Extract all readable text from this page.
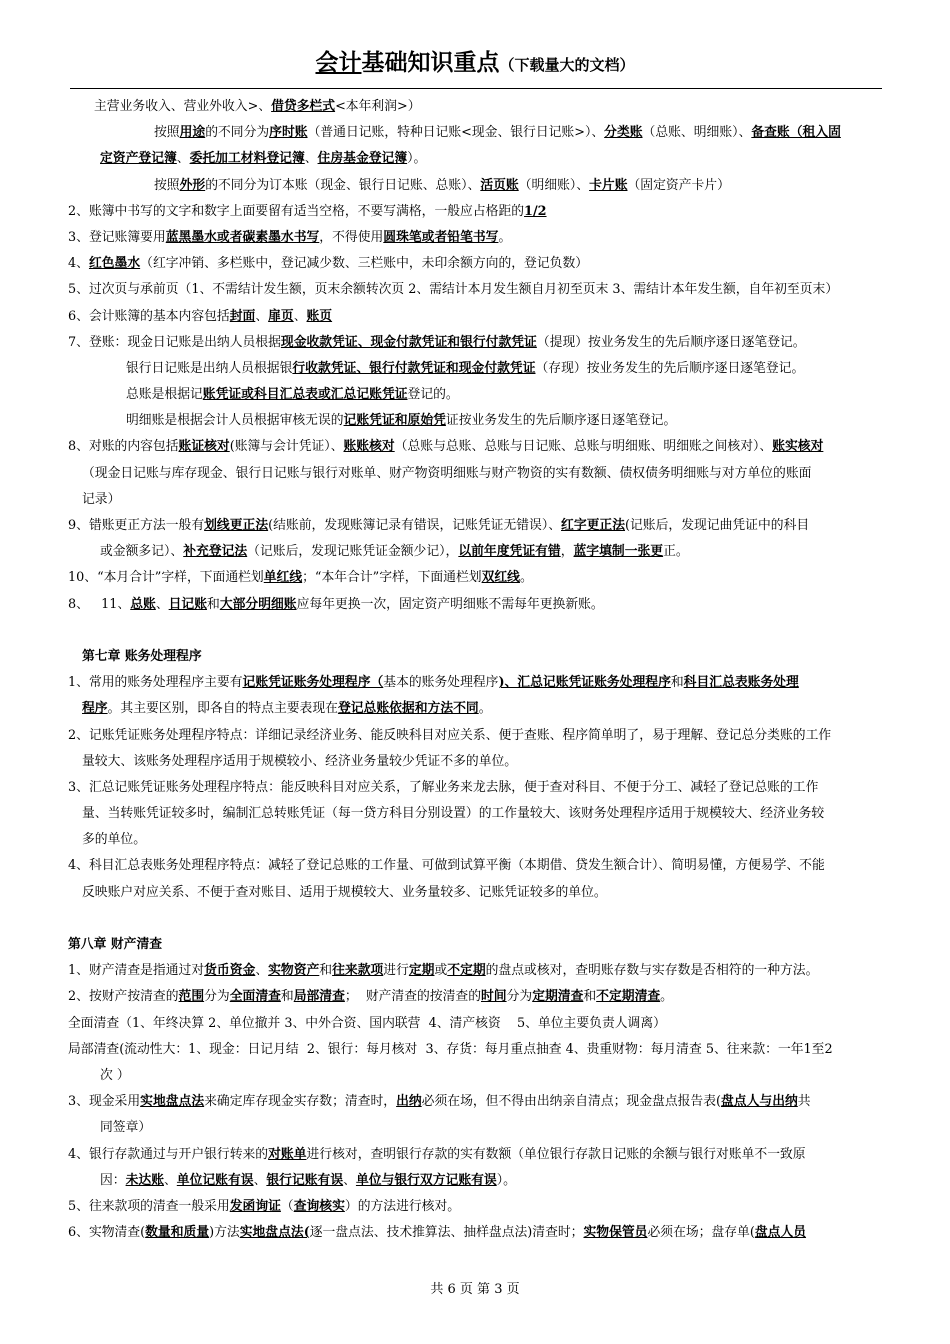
会计基础知识重点（下载量大的文档）
主营业务收入、营业外收入>、借贷多栏式<本年利润>）
按照用途的不同分为序时账（普通日记账，特种日记账<现金、银行日记账>）、分类账（总账、明细账）、备查账（租入固
定资产登记簿、委托加工材料登记簿、住房基金登记簿）。
按照外形的不同分为订本账（现金、银行日记账、总账）、活页账（明细账）、卡片账（固定资产卡片）
2、账簿中书写的文字和数字上面要留有适当空格，不要写满格，一般应占格距的1/2
3、登记账簿要用蓝黑墨水或者碳素墨水书写，不得使用圆珠笔或者铅笔书写。
4、红色墨水（红字冲销、多栏账中，登记减少数、三栏账中，未印余额方向的，登记负数）
5、过次页与承前页（1、不需结计发生额，页末余额转次页 2、需结计本月发生额自月初至页末 3、需结计本年发生额，自年初至页末）
6、会计账簿的基本内容包括封面、扉页、账页
7、登账：现金日记账是出纳人员根据现金收款凭证、现金付款凭证和银行付款凭证（提现）按业务发生的先后顺序逐日逐笔登记。
银行日记账是出纳人员根据银行收款凭证、银行付款凭证和现金付款凭证（存现）按业务发生的先后顺序逐日逐笔登记。
总账是根据记账凭证或科目汇总表或汇总记账凭证登记的。
明细账是根据会计人员根据审核无误的记账凭证和原始凭证按业务发生的先后顺序逐日逐笔登记。
8、对账的内容包括账证核对(账簿与会计凭证）、账账核对（总账与总账、总账与日记账、总账与明细账、明细账之间核对）、账实核对
（现金日记账与库存现金、银行日记账与银行对账单、财产物资明细账与财产物资的实有数额、债权债务明细账与对方单位的账面
记录）
9、错账更正方法一般有划线更正法(结账前，发现账簿记录有错误，记账凭证无错误）、红字更正法(记账后，发现记曲凭证中的科目
或金额多记）、补充登记法（记账后，发现记账凭证金额少记），以前年度凭证有错，蓝字填制一张更正。
10、“本月合计”字样，下面通栏划单红线；“本年合计”字样，下面通栏划双红线。
8、   11、总账、日记账和大部分明细账应每年更换一次，固定资产明细账不需每年更换新账。
第七章 账务处理程序
1、常用的账务处理程序主要有记账凭证账务处理程序（基本的账务处理程序)、汇总记账凭证账务处理程序和科目汇总表账务处理
程序。其主要区别，即各自的特点主要表现在登记总账依据和方法不同。
2、记账凭证账务处理程序特点：详细记录经济业务、能反映科目对应关系、便于查账、程序简单明了，易于理解、登记总分类账的工作
量较大、该账务处理程序适用于规模较小、经济业务量较少凭证不多的单位。
3、汇总记账凭证账务处理程序特点：能反映科目对应关系，了解业务来龙去脉，便于查对科目、不便于分工、减轻了登记总账的工作
量、当转账凭证较多时，编制汇总转账凭证（每一贷方科目分别设置）的工作量较大、该财务处理程序适用于规模较大、经济业务较
多的单位。
4、科目汇总表账务处理程序特点：减轻了登记总账的工作量、可做到试算平衡（本期借、贷发生额合计）、简明易懂，方便易学、不能
反映账户对应关系、不便于查对账目、适用于规模较大、业务量较多、记账凭证较多的单位。
第八章 财产清查
1、财产清查是指通过对货币资金、实物资产和往来款项进行定期或不定期的盘点或核对，查明账存数与实存数是否相符的一种方法。
2、按财产按清查的范围分为全面清查和局部清查；  财产清查的按清查的时间分为定期清查和不定期清查。
全面清查（1、年终决算 2、单位撤并 3、中外合资、国内联营  4、清产核资    5、单位主要负责人调离）
局部清查(流动性大：1、现金：日记月结  2、银行：每月核对  3、存货：每月重点抽查 4、贵重财物：每月清查 5、往来款：一年1至2
次 ）
3、现金采用实地盘点法来确定库存现金实存数；清查时，出纳必须在场，但不得由出纳亲自清点；现金盘点报告表(盘点人与出纳共
同签章）
4、银行存款通过与开户银行转来的对账单进行核对，查明银行存款的实有数额（单位银行存款日记账的余额与银行对账单不一致原
因：未达账、单位记账有误、银行记账有误、单位与银行双方记账有误）。
5、往来款项的清查一般采用发函询证（查询核实）的方法进行核对。
6、实物清查(数量和质量)方法实地盘点法(逐一盘点法、技术推算法、抽样盘点法)清查时；实物保管员必须在场；盘存单(盘点人员
共 6 页 第 3 页
